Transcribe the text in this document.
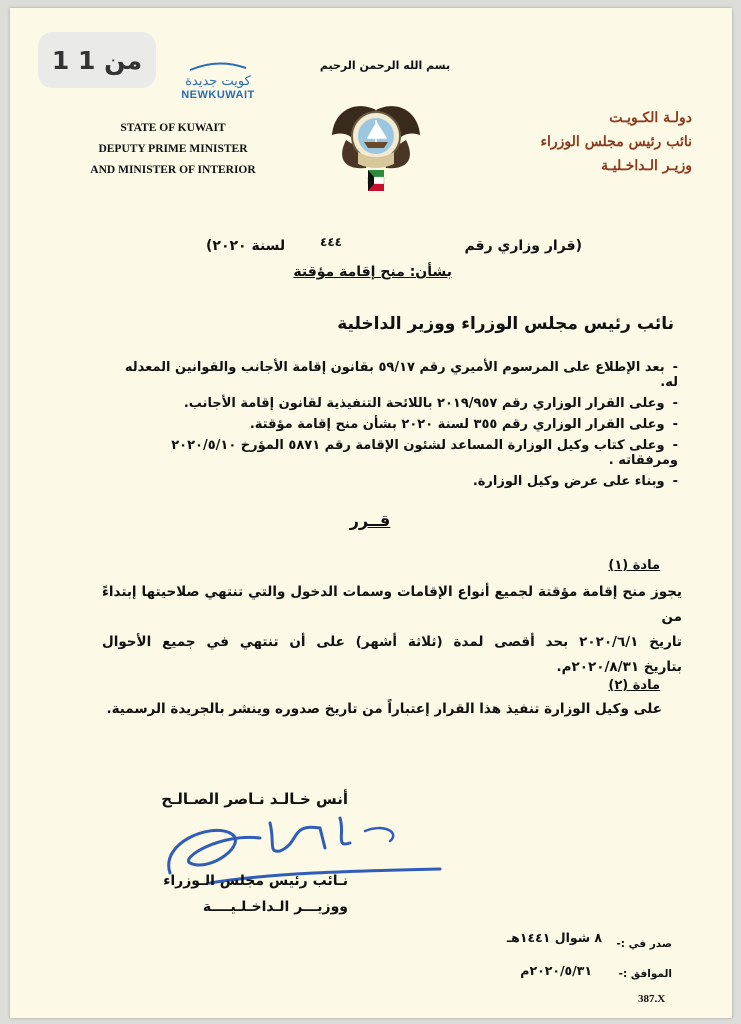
كويت جديدة
NEWKUWAIT
بسم الله الرحمن الرحيم
STATE OF KUWAIT
DEPUTY PRIME MINISTER
AND MINISTER OF INTERIOR
دولـة الكـويـت
نائب رئيس مجلس الوزراء
وزيـر الـداخـليـة
(قرار وزاري رقم
٤٤٤
لسنة ٢٠٢٠)
بشأن: منح إقامة مؤقتة
نائب رئيس مجلس الوزراء ووزير الداخلية
- بعد الإطلاع على المرسوم الأميري رقم ٥٩/١٧ بقانون إقامة الأجانب والقوانين المعدله له.
- وعلى القرار الوزاري رقم ٢٠١٩/٩٥٧ باللائحة التنفيذية لقانون إقامة الأجانب.
- وعلى القرار الوزاري رقم ٣٥٥ لسنة ٢٠٢٠ بشأن منح إقامة مؤقتة.
- وعلى كتاب وكيل الوزارة المساعد لشئون الإقامة رقم ٥٨٧١ المؤرخ ٢٠٢٠/٥/١٠ ومرفقاته .
- وبناء على عرض وكيل الوزارة.
قــرر
مادة (١)
يجوز منح إقامة مؤقتة لجميع أنواع الإقامات وسمات الدخول والتي تنتهي صلاحيتها إبتداءً من
تاريخ ٢٠٢٠/٦/١ بحد أقصى لمدة (ثلاثة أشهر) على أن تنتهي في جميع الأحوال
بتاريخ ٢٠٢٠/٨/٣١م.
مادة (٢)
على وكيل الوزارة تنفيذ هذا القرار إعتباراً من تاريخ صدوره وينشر بالجريدة الرسمية.
أنس خـالـد نـاصر الصـالـح
نـائب رئيس مجلس الـوزراء
ووزيـــر الـداخـلـيــــة
صدر في :-
٨ شوال ١٤٤١هـ
الموافق :-
٢٠٢٠/٥/٣١م
387.X
1 من 1
